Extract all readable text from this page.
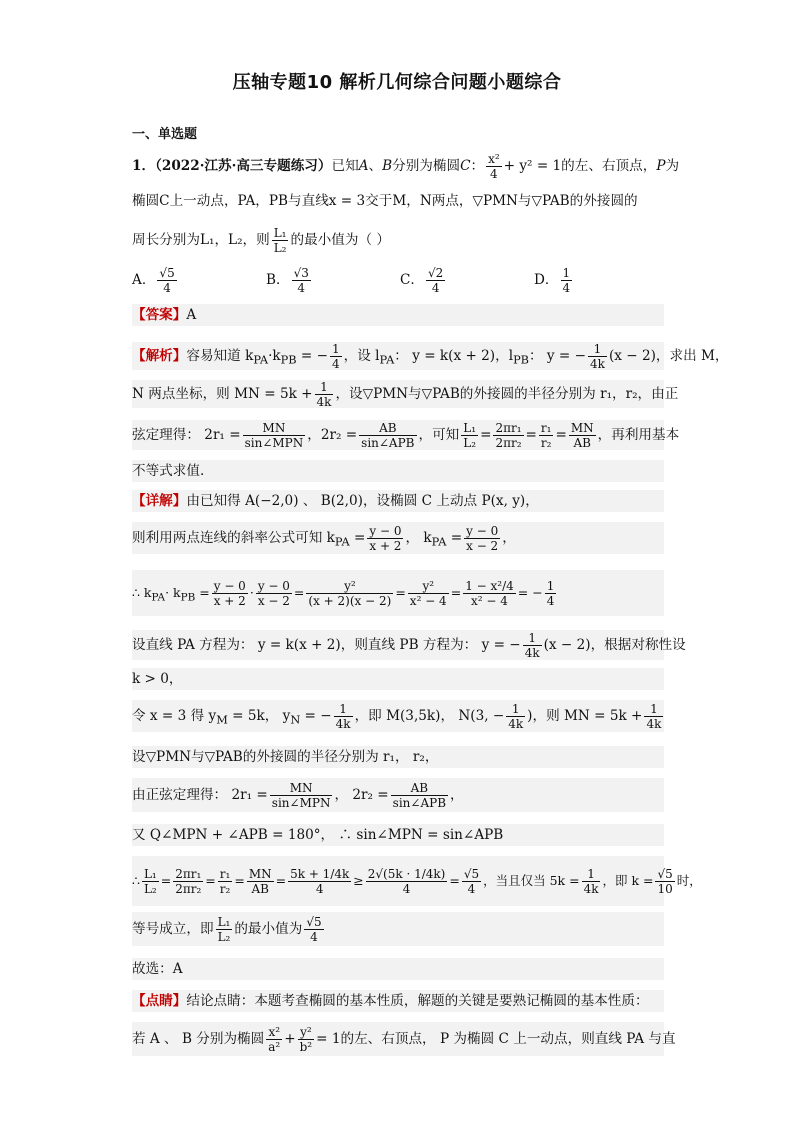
压轴专题10 解析几何综合问题小题综合
一、单选题
1．（2022·江苏·高三专题练习）已知A、B分别为椭圆C： $\frac{\text{x²}}{4} + y^2 = 1$的左、右顶点，P为
椭圆C上一动点，PA，PB与直线x = 3交于M，N两点，▽PMN与▽PAB的外接圆的
周长分别为L₁，L₂，则 $\frac{\text{L₁}}{\text{L₂}}$ 的最小值为（ ）
A． $\frac{√5}{4}$	B． $\frac{√3}{4}$	C． $\frac{√2}{4}$	D． $\frac{1}{4}$
【答案】A
【解析】容易知道 $k_{PA}\cdot k_{PB}$ = − $\frac{1}{4}$ ，设 $l_{PA}$： y = k(x + 2)，$l_{PB}$： y = − $\frac{1}{4k} (x - 2)$，求出 M，
N 两点坐标，则 MN = $5k + \frac{1}{4k}$ ，设▽PMN与▽PAB的外接圆的半径分别为 r₁，r₂，由正
弦定理得： $2r_1 = \frac{MN}{\text{sin∠MPN}}$ ，$2r_2 = \frac{AB}{\text{sin∠APB}}$ ，可知 $\frac{\text{L₁}}{\text{L₂}} = \frac{\text{2πr₁}}{\text{2πr₂}} = \frac{\text{r₁}}{\text{r₂}} = \frac{MN}{AB}$ ，再利用基本
不等式求值.
【详解】由已知得 A(−2,0) 、 B(2,0)，设椭圆 C 上动点 P(x, y)，
则利用两点连线的斜率公式可知 $k_{PA} = \frac{y - 0}{x + 2}$ ， $k_{PA} = \frac{y - 0}{x - 2}$ ，
∴ $k_{PA}\cdot k_{PB} = \frac{y - 0}{x + 2} \cdot \frac{y - 0}{x - 2} = \frac{\text{y²}}{(x + 2)(x - 2)} = \frac{\text{y²}}{\text{x² − 4}} = \frac{\text{1 − x²/4}}{\text{x² − 4}}$ = − $\frac{1}{4}$
设直线 PA 方程为： y = k(x + 2)，则直线 PB 方程为： y = − $\frac{1}{4k} (x - 2)$，根据对称性设
k > 0，
令 x = 3 得 $y_M = 5k$， $y_N$ = − $\frac{1}{4k}$ ，即 M(3,5k)， N(3, − $\frac{1}{4k}$ )，则 MN = $5k + \frac{1}{4k}$
设▽PMN与▽PAB的外接圆的半径分别为 r₁， r₂，
由正弦定理得： $2r_1 = \frac{MN}{\text{sin∠MPN}}$ ， $2r_2 = \frac{AB}{\text{sin∠APB}}$ ，
又 Q∠MPN + ∠APB = 180°， ∴ sin∠MPN = sin∠APB
∴ $\frac{\text{L₁}}{\text{L₂}} = \frac{\text{2πr₁}}{\text{2πr₂}} = \frac{\text{r₁}}{\text{r₂}} = \frac{MN}{AB} = \frac{5k + 1/4k}{4} \ge \frac{2√(5k \cdot 1/4k)}{4} = \frac{√5}{4}$ ，当且仅当 $5k = \frac{1}{4k}$ ，即 $k = \frac{√5}{10}$ 时，
等号成立，即 $\frac{\text{L₁}}{\text{L₂}}$ 的最小值为 $\frac{√5}{4}$
故选：A
【点睛】结论点睛：本题考查椭圆的基本性质，解题的关键是要熟记椭圆的基本性质：
若 A 、 B 分别为椭圆 $\frac{\text{x²}}{\text{a²}} + \frac{\text{y²}}{\text{b²}} = 1$的左、右顶点， P 为椭圆 C 上一动点，则直线 PA 与直
